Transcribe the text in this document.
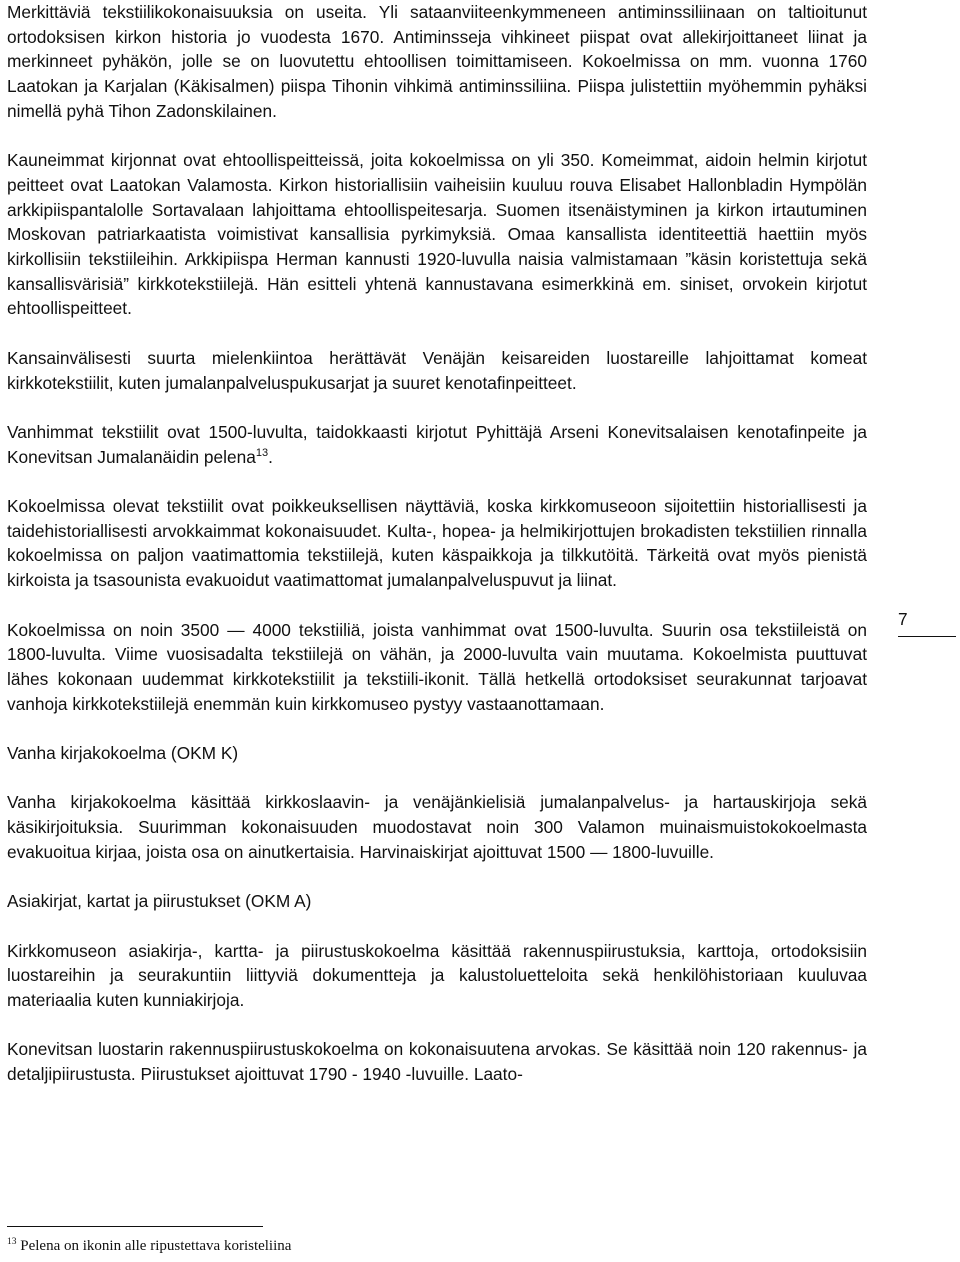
Merkittäviä tekstiilikokonaisuuksia on useita. Yli sataanviiteenkymmeneen antiminssiliinaan on taltioitunut ortodoksisen kirkon historia jo vuodesta 1670. Antiminsseja vihkineet piispat ovat allekirjoittaneet liinat ja merkinneet pyhäkön, jolle se on luovutettu ehtoollisen toimittamiseen. Kokoelmissa on mm. vuonna 1760 Laatokan ja Karjalan (Käkisalmen) piispa Tihonin vihkimä antiminssiliina. Piispa julistettiin myöhemmin pyhäksi nimellä pyhä Tihon Zadonskilainen.

Kauneimmat kirjonnat ovat ehtoollispeitteissä, joita kokoelmissa on yli 350. Komeimmat, aidoin helmin kirjotut peitteet ovat Laatokan Valamosta. Kirkon historiallisiin vaiheisiin kuuluu rouva Elisabet Hallonbladin Hympölän arkkipiispantalolle Sortavalaan lahjoittama ehtoollispeitesarja. Suomen itsenäistyminen ja kirkon irtautuminen Moskovan patriarkaatista voimistivat kansallisia pyrkimyksiä. Omaa kansallista identiteettiä haettiin myös kirkollisiin tekstiileihin. Arkkipiispa Herman kannusti 1920-luvulla naisia valmistamaan ”käsin koristettuja sekä kansallisvärisiä” kirkkotekstiilejä. Hän esitteli yhtenä kannustavana esimerkkinä em. siniset, orvokein kirjotut ehtoollispeitteet.

Kansainvälisesti suurta mielenkiintoa herättävät Venäjän keisareiden luostareille lahjoittamat komeat kirkkotekstiilit, kuten jumalanpalveluspukusarjat ja suuret kenotafinpeitteet.

Vanhimmat tekstiilit ovat 1500-luvulta, taidokkaasti kirjotut Pyhittäjä Arseni Konevitsalaisen kenotafinpeite ja Konevitsan Jumalanäidin pelena$^{13}$.

Kokoelmissa olevat tekstiilit ovat poikkeuksellisen näyttäviä, koska kirkkomuseoon sijoitettiin historiallisesti ja taidehistoriallisesti arvokkaimmat kokonaisuudet. Kulta-, hopea- ja helmikirjottujen brokadisten tekstiilien rinnalla kokoelmissa on paljon vaatimattomia tekstiilejä, kuten käspaikkoja ja tilkkutöitä. Tärkeitä ovat myös pienistä kirkoista ja tsasounista evakuoidut vaatimattomat jumalanpalveluspuvut ja liinat.

Kokoelmissa on noin 3500 — 4000 tekstiiliä, joista vanhimmat ovat 1500-luvulta. Suurin osa tekstiileistä on 1800-luvulta. Viime vuosisadalta tekstiilejä on vähän, ja 2000-luvulta vain muutama. Kokoelmista puuttuvat lähes kokonaan uudemmat kirkkotekstiilit ja tekstiili-ikonit. Tällä hetkellä ortodoksiset seurakunnat tarjoavat vanhoja kirkkotekstiilejä enemmän kuin kirkkomuseo pystyy vastaanottamaan.

Vanha kirjakokoelma (OKM K)

Vanha kirjakokoelma käsittää kirkkoslaavin- ja venäjänkielisiä jumalanpalvelus- ja hartauskirjoja sekä käsikirjoituksia. Suurimman kokonaisuuden muodostavat noin 300 Valamon muinaismuistokokoelmasta evakuoitua kirjaa, joista osa on ainutkertaisia. Harvinaiskirjat ajoittuvat 1500 — 1800-luvuille.

Asiakirjat, kartat ja piirustukset (OKM A)

Kirkkomuseon asiakirja-, kartta- ja piirustuskokoelma käsittää rakennuspiirustuksia, karttoja, ortodoksisiin luostareihin ja seurakuntiin liittyviä dokumentteja ja kalustoluetteloita sekä henkilöhistoriaan kuuluvaa materiaalia kuten kunniakirjoja.

Konevitsan luostarin rakennuspiirustuskokoelma on kokonaisuutena arvokas. Se käsittää noin 120 rakennus- ja detaljipiirustusta. Piirustukset ajoittuvat 1790 - 1940 -luvuille. Laato-

7
$^{13}$ Pelena on ikonin alle ripustettava koristeliina
